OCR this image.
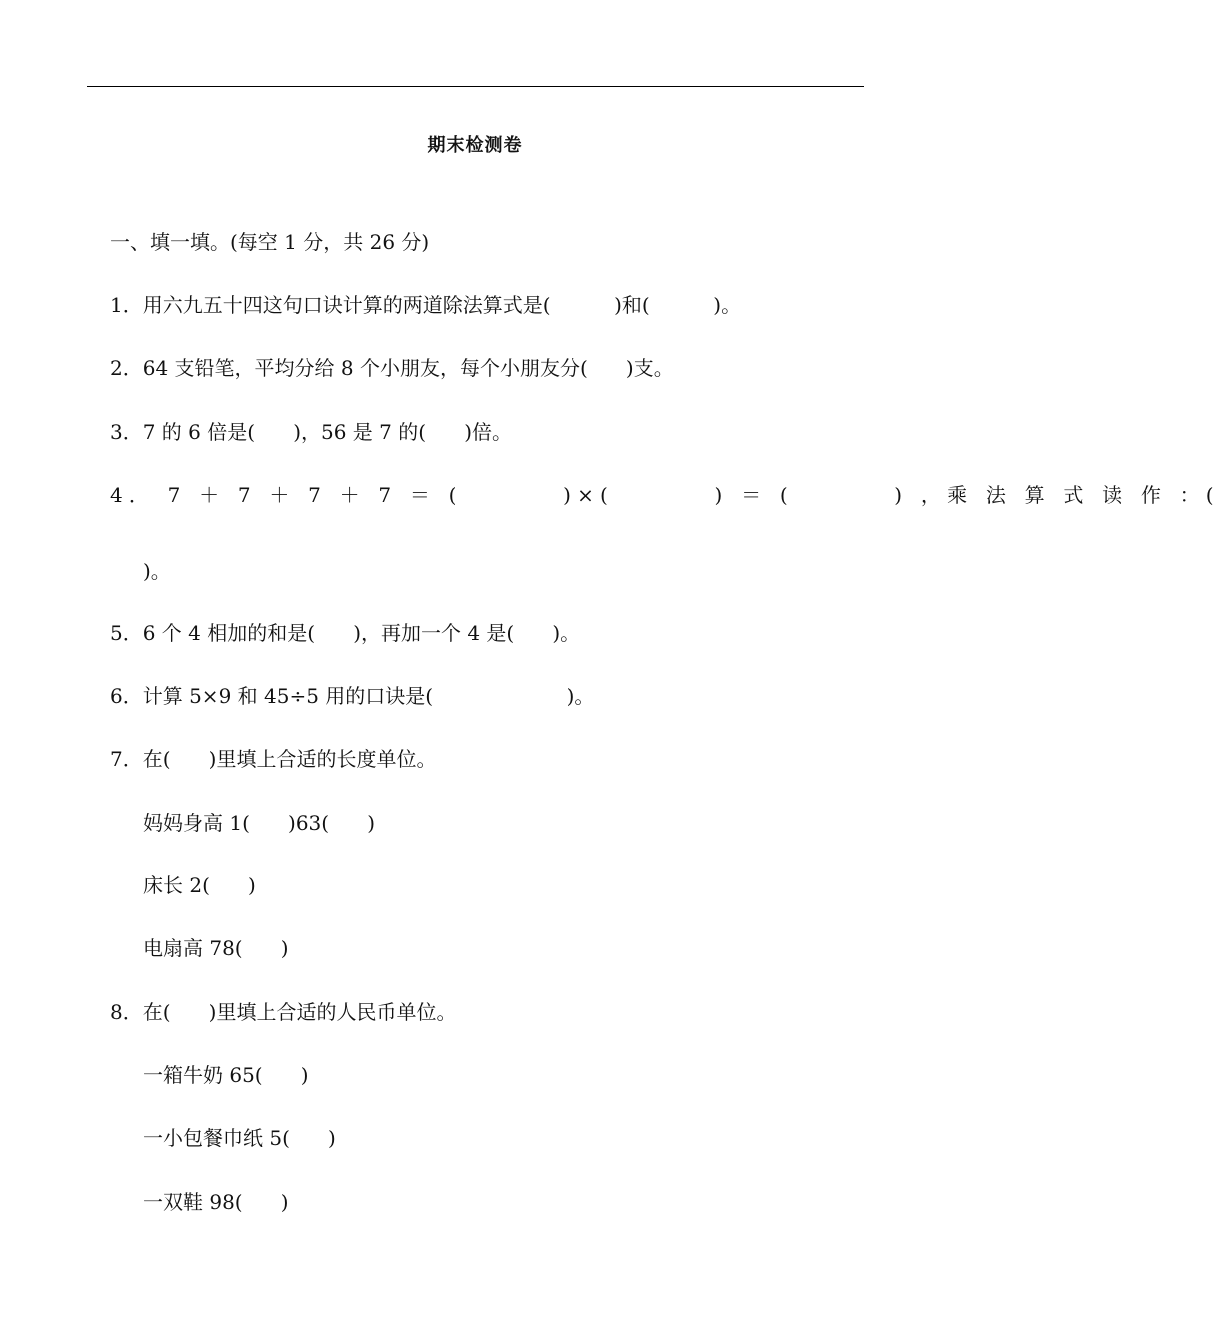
期末检测卷
一、填一填。(每空 1 分，共 26 分)
1．用六九五十四这句口诀计算的两道除法算式是(          )和(          )。
2．64 支铅笔，平均分给 8 个小朋友，每个小朋友分(      )支。
3．7 的 6 倍是(      )，56 是 7 的(      )倍。
4． 7 ＋ 7 ＋ 7 ＋ 7 ＝ (        )×(        ) ＝ (        ) ，乘 法 算 式 读 作 ：(
)。
5．6 个 4 相加的和是(      )，再加一个 4 是(      )。
6．计算 5×9 和 45÷5 用的口诀是(                     )。
7．在(      )里填上合适的长度单位。
妈妈身高 1(      )63(      )
床长 2(      )
电扇高 78(      )
8．在(      )里填上合适的人民币单位。
一箱牛奶 65(      )
一小包餐巾纸 5(      )
一双鞋 98(      )
